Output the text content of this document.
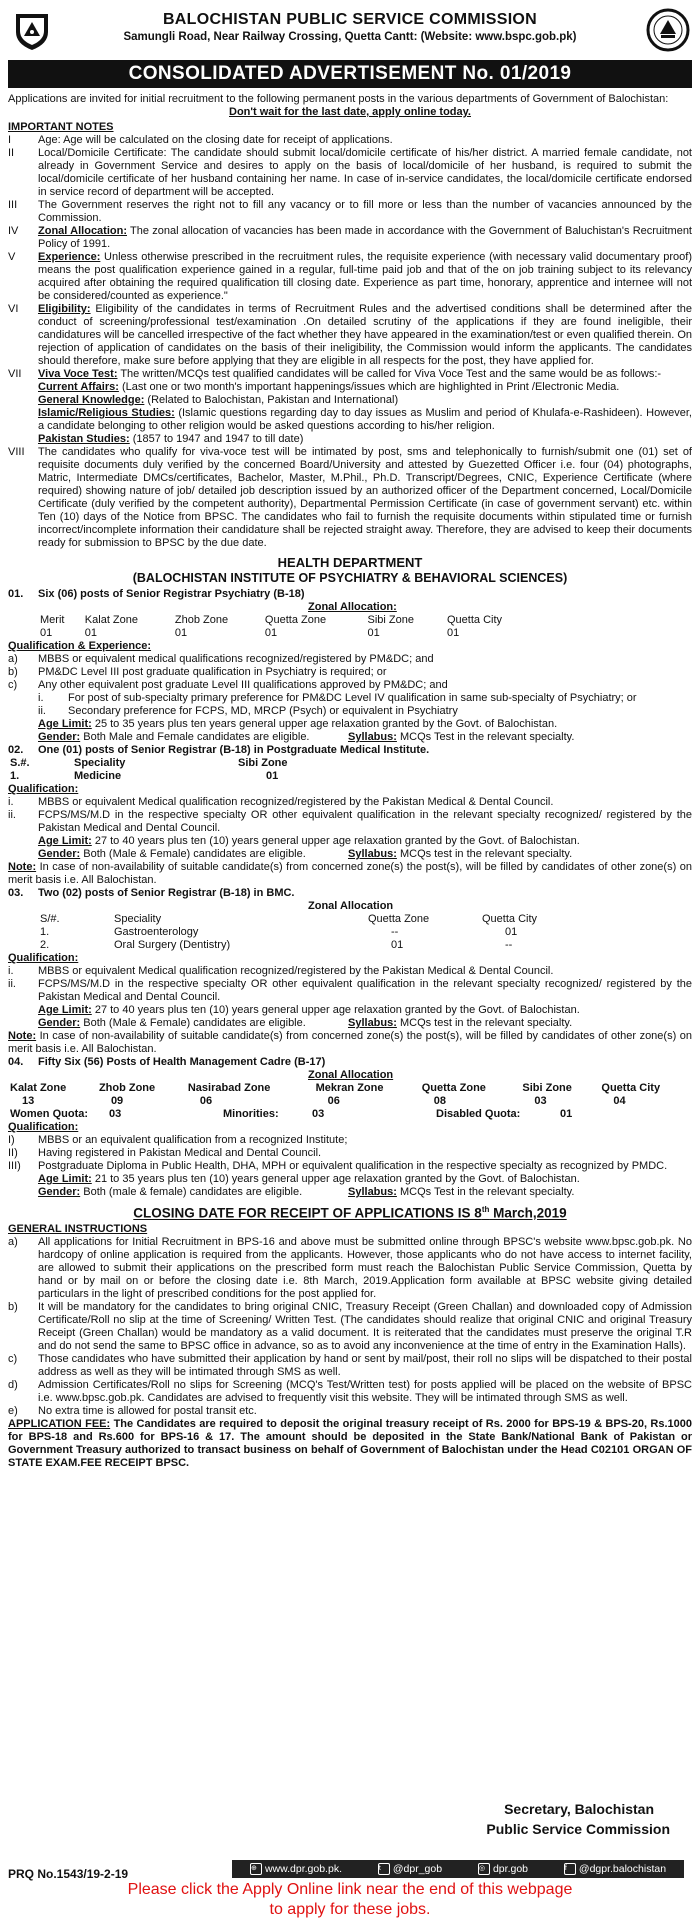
BALOCHISTAN PUBLIC SERVICE COMMISSION
Samungli Road, Near Railway Crossing, Quetta Cantt: (Website: www.bspc.gob.pk)
CONSOLIDATED ADVERTISEMENT No. 01/2019
Applications are invited for initial recruitment to the following permanent posts in the various departments of Government of Balochistan:
Don't wait for the last date, apply online today.
IMPORTANT NOTES
I	Age: Age will be calculated on the closing date for receipt of applications.
II	Local/Domicile Certificate: The candidate should submit local/domicile certificate of his/her district. A married female candidate, not already in Government Service and desires to apply on the basis of local/domicile of her husband, is required to submit the local/domicile certificate of her husband containing her name. In case of in-service candidates, the local/domicile certificate endorsed in service record of department will be accepted.
III	The Government reserves the right not to fill any vacancy or to fill more or less than the number of vacancies announced by the Commission.
IV	Zonal Allocation: The zonal allocation of vacancies has been made in accordance with the Government of Baluchistan's Recruitment Policy of 1991.
V	Experience: Unless otherwise prescribed in the recruitment rules, the requisite experience (with necessary valid documentary proof) means the post qualification experience gained in a regular, full-time paid job and that of the on job training subject to its relevancy acquired after obtaining the required qualification till closing date. Experience as part time, honorary, apprentice and internee will not be considered/counted as experience."
VI	Eligibility: Eligibility of the candidates in terms of Recruitment Rules and the advertised conditions shall be determined after the conduct of screening/professional test/examination .On detailed scrutiny of the applications if they are found ineligible, their candidatures will be cancelled irrespective of the fact whether they have appeared in the examination/test or even qualified therein. On rejection of application of candidates on the basis of their ineligibility, the Commission would inform the applicants. The candidates should therefore, make sure before applying that they are eligible in all respects for the post, they have applied for.
VII	Viva Voce Test: The written/MCQs test qualified candidates will be called for Viva Voce Test and the same would be as follows:-
Current Affairs: (Last one or two month's important happenings/issues which are highlighted in Print /Electronic Media.
General Knowledge: (Related to Balochistan, Pakistan and International)
Islamic/Religious Studies: (Islamic questions regarding day to day issues as Muslim and period of Khulafa-e-Rashideen). However, a candidate belonging to other religion would be asked questions according to his/her religion.
Pakistan Studies: (1857 to 1947 and 1947 to till date)
VIII	The candidates who qualify for viva-voce test will be intimated by post, sms and telephonically to furnish/submit one (01) set of requisite documents duly verified by the concerned Board/University and attested by Guezetted Officer i.e. four (04) photographs, Matric, Intermediate DMCs/certificates, Bachelor, Master, M.Phil., Ph.D. Transcript/Degrees, CNIC, Experience Certificate (where required) showing nature of job/ detailed job description issued by an authorized officer of the Department concerned, Local/Domicile Certificate (duly verified by the competent authority), Departmental Permission Certificate (in case of government servant) etc. within Ten (10) days of the Notice from BPSC. The candidates who fail to furnish the requisite documents within stipulated time or furnish incorrect/incomplete information their candidature shall be rejected straight away. Therefore, they are advised to keep their documents ready for submission to BPSC by the due date.
HEALTH DEPARTMENT
(BALOCHISTAN INSTITUTE OF PSYCHIATRY & BEHAVIORAL SCIENCES)
01.	Six (06) posts of Senior Registrar Psychiatry (B-18)
Zonal Allocation:
Merit	Kalat Zone	Zhob Zone	Quetta Zone	Sibi Zone	Quetta City
01	01	01	01	01	01
Qualification & Experience:
a)	MBBS or equivalent medical qualifications recognized/registered by PM&DC; and
b)	PM&DC Level III post graduate qualification in Psychiatry is required; or
c)	Any other equivalent post graduate Level III qualifications approved by PM&DC; and
i.	For post of sub-specialty primary preference for PM&DC Level IV qualification in same sub-specialty of Psychiatry; or
ii.	Secondary preference for FCPS, MD, MRCP (Psych) or equivalent in Psychiatry
Age Limit: 25 to 35 years plus ten years general upper age relaxation granted by the Govt. of Balochistan.
Gender: Both Male and Female candidates are eligible.	Syllabus: MCQs Test in the relevant specialty.
02.	One (01) posts of Senior Registrar (B-18) in Postgraduate Medical Institute.
S.#.	Speciality	Sibi Zone
1.	Medicine	01
Qualification:
i.	MBBS or equivalent Medical qualification recognized/registered by the Pakistan Medical & Dental Council.
ii.	FCPS/MS/M.D in the respective specialty OR other equivalent qualification in the relevant specialty recognized/ registered by the Pakistan Medical and Dental Council.
Age Limit: 27 to 40 years plus ten (10) years general upper age relaxation granted by the Govt. of Balochistan.
Gender: Both (Male & Female) candidates are eligible.	Syllabus: MCQs test in the relevant specialty.
Note: In case of non-availability of suitable candidate(s) from concerned zone(s) the post(s), will be filled by candidates of other zone(s) on merit basis i.e. All Balochistan.
03.	Two (02) posts of Senior Registrar (B-18) in BMC.
Zonal Allocation
S/#.	Speciality	Quetta Zone	Quetta City
1.	Gastroenterology	--	01
2.	Oral Surgery (Dentistry)	01	--
Qualification:
i.	MBBS or equivalent Medical qualification recognized/registered by the Pakistan Medical & Dental Council.
ii.	FCPS/MS/M.D in the respective specialty OR other equivalent qualification in the relevant specialty recognized/ registered by the Pakistan Medical and Dental Council.
Age Limit: 27 to 40 years plus ten (10) years general upper age relaxation granted by the Govt. of Balochistan.
Gender: Both (Male & Female) candidates are eligible.	Syllabus: MCQs test in the relevant specialty.
Note: In case of non-availability of suitable candidate(s) from concerned zone(s) the post(s), will be filled by candidates of other zone(s) on merit basis i.e. All Balochistan.
04.	Fifty Six (56) Posts of Health Management Cadre (B-17)
Zonal Allocation
Kalat Zone	Zhob Zone	Nasirabad Zone	Mekran Zone	Quetta Zone	Sibi Zone	Quetta City
13	09	06	06	08	03	04
Women Quota:	03	Minorities:	03	Disabled Quota:	01
Qualification:
I)	MBBS or an equivalent qualification from a recognized Institute;
II)	Having registered in Pakistan Medical and Dental Council.
III)	Postgraduate Diploma in Public Health, DHA, MPH or equivalent qualification in the respective specialty as recognized by PMDC.
Age Limit: 21 to 35 years plus ten (10) years general upper age relaxation granted by the Govt. of Balochistan.
Gender: Both (male & female) candidates are eligible.	Syllabus: MCQs Test in the relevant specialty.
CLOSING DATE FOR RECEIPT OF APPLICATIONS IS 8th March,2019
GENERAL INSTRUCTIONS
a)	All applications for Initial Recruitment in BPS-16 and above must be submitted online through BPSC's website www.bpsc.gob.pk. No hardcopy of online application is required from the applicants. However, those applicants who do not have access to internet facility, are allowed to submit their applications on the prescribed form must reach the Balochistan Public Service Commission, Quetta by hand or by mail on or before the closing date i.e. 8th March, 2019.Application form available at BPSC website giving detailed particulars in the light of prescribed conditions for the post applied for.
b)	It will be mandatory for the candidates to bring original CNIC, Treasury Receipt (Green Challan) and downloaded copy of Admission Certificate/Roll no slip at the time of Screening/ Written Test. (The candidates should realize that original CNIC and original Treasury Receipt (Green Challan) would be mandatory as a valid document. It is reiterated that the candidates must preserve the original T.R and do not send the same to BPSC office in advance, so as to avoid any inconvenience at the time of entry in the Examination Halls).
c)	Those candidates who have submitted their application by hand or sent by mail/post, their roll no slips will be dispatched to their postal address as well as they will be intimated through SMS as well.
d)	Admission Certificates/Roll no slips for Screening (MCQ's Test/Written test) for posts applied will be placed on the website of BPSC i.e. www.bpsc.gob.pk. Candidates are advised to frequently visit this website. They will be intimated through SMS as well.
e)	No extra time is allowed for postal transit etc.
APPLICATION FEE: The Candidates are required to deposit the original treasury receipt of Rs. 2000 for BPS-19 & BPS-20, Rs.1000 for BPS-18 and Rs.600 for BPS-16 & 17. The amount should be deposited in the State Bank/National Bank of Pakistan or Government Treasury authorized to transact business on behalf of Government of Balochistan under the Head C02101 ORGAN OF STATE EXAM.FEE RECEIPT BPSC.
Secretary, Balochistan
Public Service Commission
PRQ No.1543/19-2-19	⊕ www.dpr.gob.pk.	t	@dpr_gob	◎ dpr.gob	f	@dgpr.balochistan
Please click the Apply Online link near the end of this webpage
to apply for these jobs.
